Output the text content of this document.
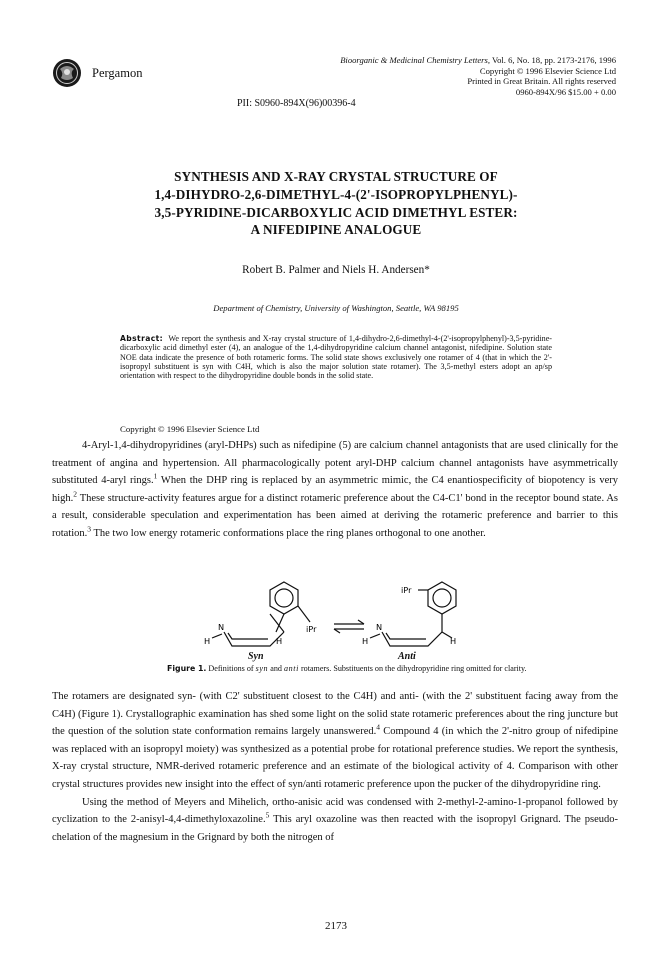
Pergamon
Bioorganic & Medicinal Chemistry Letters, Vol. 6, No. 18, pp. 2173-2176, 1996
Copyright © 1996 Elsevier Science Ltd
Printed in Great Britain. All rights reserved
0960-894X/96 $15.00 + 0.00
PII: S0960-894X(96)00396-4
SYNTHESIS AND X-RAY CRYSTAL STRUCTURE OF
1,4-DIHYDRO-2,6-DIMETHYL-4-(2'-ISOPROPYLPHENYL)-
3,5-PYRIDINE-DICARBOXYLIC ACID DIMETHYL ESTER:
A NIFEDIPINE ANALOGUE
Robert B. Palmer and Niels H. Andersen*
Department of Chemistry, University of Washington, Seattle, WA 98195
Abstract: We report the synthesis and X-ray crystal structure of 1,4-dihydro-2,6-dimethyl-4-(2'-isopropylphenyl)-3,5-pyridine-dicarboxylic acid dimethyl ester (4), an analogue of the 1,4-dihydropyridine calcium channel antagonist, nifedipine. Solution state NOE data indicate the presence of both rotameric forms. The solid state shows exclusively one rotamer of 4 (that in which the 2'-isopropyl substituent is syn with C4H, which is also the major solution state rotamer). The 3,5-methyl esters adopt an ap/sp orientation with respect to the dihydropyridine double bonds in the solid state.
Copyright © 1996 Elsevier Science Ltd

4-Aryl-1,4-dihydropyridines (aryl-DHPs) such as nifedipine (5) are calcium channel antagonists that are used clinically for the treatment of angina and hypertension. All pharmacologically potent aryl-DHP calcium channel antagonists have asymmetrically substituted 4-aryl rings.$^1$ When the DHP ring is replaced by an asymmetric mimic, the C4 enantiospecificity of biopotency is very high.$^2$ These structure-activity features argue for a distinct rotameric preference about the C4-C1' bond in the receptor bound state. As a result, considerable speculation and experimentation has been aimed at deriving the rotameric preference and barrier to this rotation.$^3$ The two low energy rotameric conformations place the ring planes orthogonal to one another.

N
H	H
iPr	N
H	H
iPr
Syn	Anti
Figure 1. Definitions of syn and anti rotamers. Substituents on the dihydropyridine ring omitted for clarity.

The rotamers are designated syn- (with C2' substituent closest to the C4H) and anti- (with the 2' substituent facing away from the C4H) (Figure 1). Crystallographic examination has shed some light on the solid state rotameric preferences about the ring juncture but the question of the solution state conformation remains largely unanswered.$^4$ Compound 4 (in which the 2'-nitro group of nifedipine was replaced with an isopropyl moiety) was synthesized as a potential probe for rotational preference studies. We report the synthesis, X-ray crystal structure, NMR-derived rotameric preference and an estimate of the biological activity of 4. Comparison with other crystal structures provides new insight into the effect of syn/anti rotameric preference upon the pucker of the dihydropyridine ring.

Using the method of Meyers and Mihelich, ortho-anisic acid was condensed with 2-methyl-2-amino-1-propanol followed by cyclization to the 2-anisyl-4,4-dimethyloxazoline.$^5$ This aryl oxazoline was then reacted with the isopropyl Grignard. The pseudo-chelation of the magnesium in the Grignard by both the nitrogen of

2173
